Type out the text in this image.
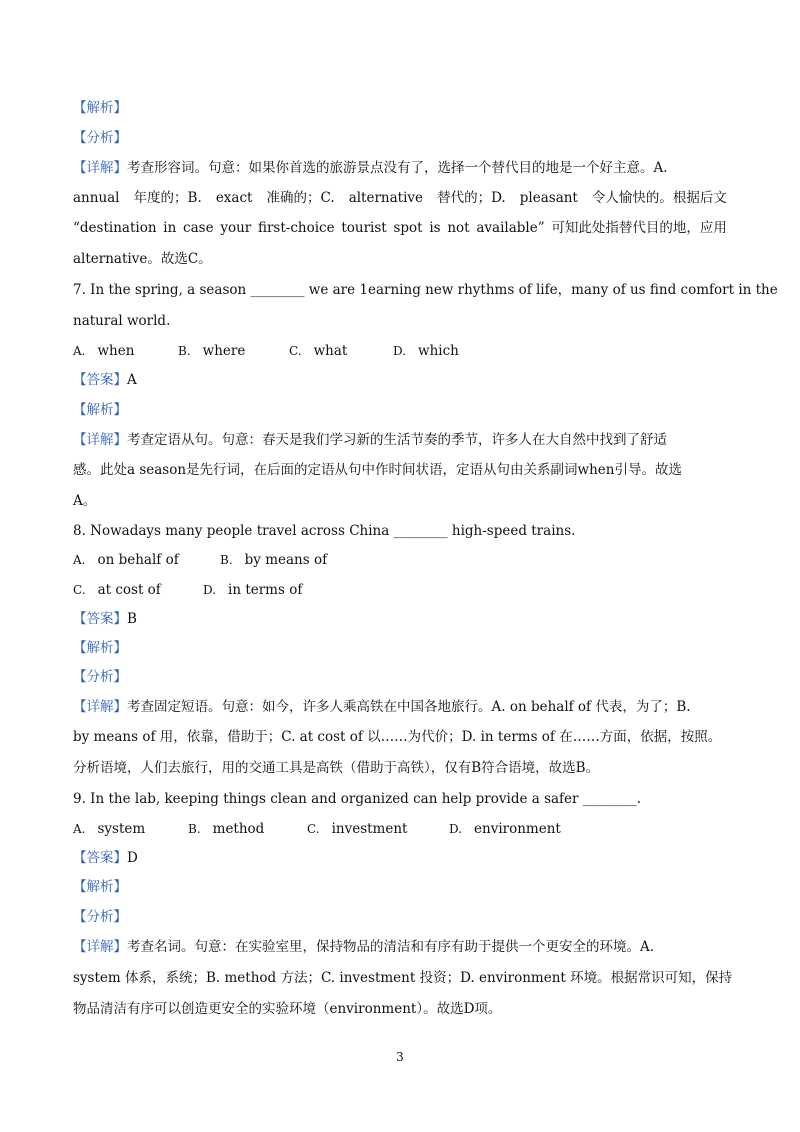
【解析】
【分析】
【详解】考查形容词。句意：如果你首选的旅游景点没有了，选择一个替代目的地是一个好主意。A.
annual 年度的；B. exact 准确的；C. alternative 替代的；D. pleasant 令人愉快的。根据后文
“destination in case your first-choice tourist spot is not available” 可知此处指替代目的地，应用
alternative。故选C。
7. In the spring, a season ________ we are 1earning new rhythms of life，many of us find comfort in the
natural world.
A. when	B. where	C. what	D. which
【答案】A
【解析】
【详解】考查定语从句。句意：春天是我们学习新的生活节奏的季节，许多人在大自然中找到了舒适
感。此处a season是先行词，在后面的定语从句中作时间状语，定语从句由关系副词when引导。故选
A。
8. Nowadays many people travel across China ________ high-speed trains.
A. on behalf of	B. by means of
C. at cost of	D. in terms of
【答案】B
【解析】
【分析】
【详解】考查固定短语。句意：如今，许多人乘高铁在中国各地旅行。A. on behalf of 代表，为了；B.
by means of 用，依靠，借助于；C. at cost of 以……为代价；D. in terms of 在……方面，依据，按照。
分析语境，人们去旅行，用的交通工具是高铁（借助于高铁），仅有B符合语境，故选B。
9. In the lab, keeping things clean and organized can help provide a safer ________.
A. system	B. method	C. investment	D. environment
【答案】D
【解析】
【分析】
【详解】考查名词。句意：在实验室里，保持物品的清洁和有序有助于提供一个更安全的环境。A.
system 体系，系统；B. method 方法；C. investment 投资；D. environment 环境。根据常识可知，保持
物品清洁有序可以创造更安全的实验环境（environment）。故选D项。
3
